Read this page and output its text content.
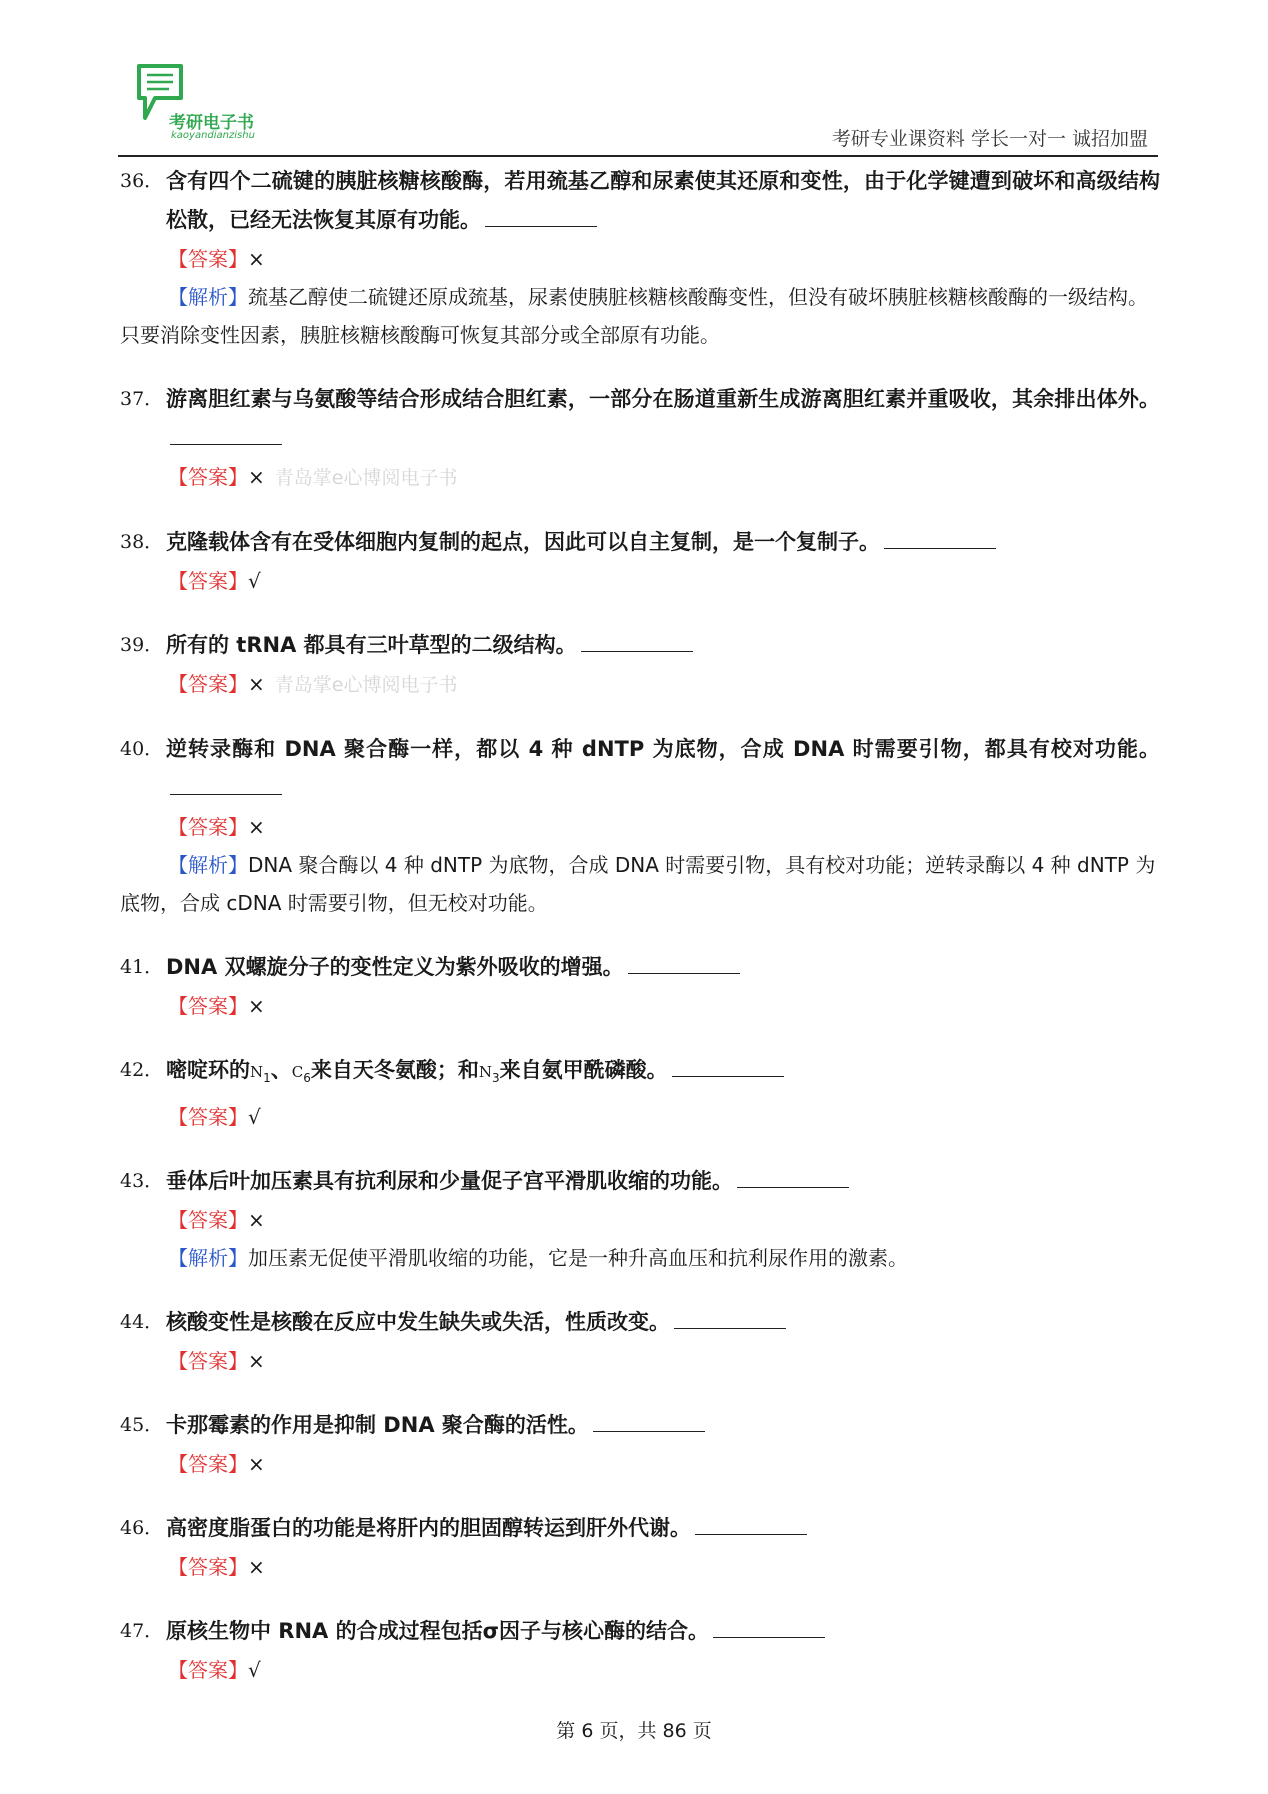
考研电子书
kaoyandianzishu	考研专业课资料 学长一对一 诚招加盟
36． 含有四个二硫键的胰脏核糖核酸酶，若用巯基乙醇和尿素使其还原和变性，由于化学键遭到破坏和高级结构松散，已经无法恢复其原有功能。
【答案】×
【解析】巯基乙醇使二硫键还原成巯基，尿素使胰脏核糖核酸酶变性，但没有破坏胰脏核糖核酸酶的一级结构。只要消除变性因素，胰脏核糖核酸酶可恢复其部分或全部原有功能。
37． 游离胆红素与乌氨酸等结合形成结合胆红素，一部分在肠道重新生成游离胆红素并重吸收，其余排出体外。
【答案】× 青岛掌e心博阅电子书
38． 克隆载体含有在受体细胞内复制的起点，因此可以自主复制，是一个复制子。
【答案】√
39． 所有的 tRNA 都具有三叶草型的二级结构。
【答案】× 青岛掌e心博阅电子书
40． 逆转录酶和 DNA 聚合酶一样，都以 4 种 dNTP 为底物，合成 DNA 时需要引物，都具有校对功能。
【答案】×
【解析】DNA 聚合酶以 4 种 dNTP 为底物，合成 DNA 时需要引物，具有校对功能；逆转录酶以 4 种 dNTP 为底物，合成 cDNA 时需要引物，但无校对功能。
41． DNA 双螺旋分子的变性定义为紫外吸收的增强。
【答案】×
42． 嘧啶环的$N_1$、$C_6$来自天冬氨酸；和$N_3$来自氨甲酰磷酸。
【答案】√
43． 垂体后叶加压素具有抗利尿和少量促子宫平滑肌收缩的功能。
【答案】×
【解析】加压素无促使平滑肌收缩的功能，它是一种升高血压和抗利尿作用的激素。
44． 核酸变性是核酸在反应中发生缺失或失活，性质改变。
【答案】×
45． 卡那霉素的作用是抑制 DNA 聚合酶的活性。
【答案】×
46． 高密度脂蛋白的功能是将肝内的胆固醇转运到肝外代谢。
【答案】×
47． 原核生物中 RNA 的合成过程包括σ因子与核心酶的结合。
【答案】√
第 6 页，共 86 页
